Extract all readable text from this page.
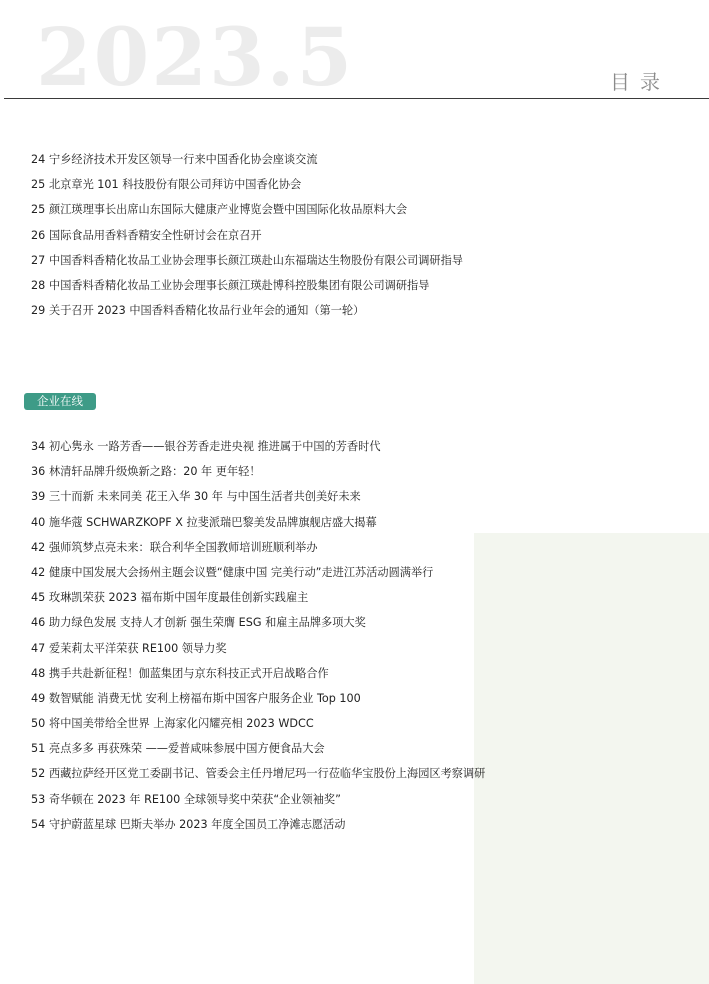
2023.5	目录
24 宁乡经济技术开发区领导一行来中国香化协会座谈交流
25 北京章光 101 科技股份有限公司拜访中国香化协会
25 颜江瑛理事长出席山东国际大健康产业博览会暨中国国际化妆品原料大会
26 国际食品用香料香精安全性研讨会在京召开
27 中国香料香精化妆品工业协会理事长颜江瑛赴山东福瑞达生物股份有限公司调研指导
28 中国香料香精化妆品工业协会理事长颜江瑛赴博科控股集团有限公司调研指导
29 关于召开 2023 中国香料香精化妆品行业年会的通知（第一轮）
企业在线
34 初心隽永 一路芳香——银谷芳香走进央视 推进属于中国的芳香时代
36 林清轩品牌升级焕新之路：20 年 更年轻！
39 三十而新 未来同美 花王入华 30 年 与中国生活者共创美好未来
40 施华蔻 SCHWARZKOPF X 拉斐派瑞巴黎美发品牌旗舰店盛大揭幕
42 强师筑梦点亮未来：联合利华全国教师培训班顺利举办
42 健康中国发展大会扬州主题会议暨“健康中国 完美行动”走进江苏活动圆满举行
45 玫琳凯荣获 2023 福布斯中国年度最佳创新实践雇主
46 助力绿色发展 支持人才创新 强生荣膺 ESG 和雇主品牌多项大奖
47 爱茉莉太平洋荣获 RE100 领导力奖
48 携手共赴新征程！伽蓝集团与京东科技正式开启战略合作
49 数智赋能 消费无忧 安利上榜福布斯中国客户服务企业 Top 100
50 将中国美带给全世界 上海家化闪耀亮相 2023 WDCC
51 亮点多多 再获殊荣 ——爱普咸味参展中国方便食品大会
52 西藏拉萨经开区党工委副书记、管委会主任丹增尼玛一行莅临华宝股份上海园区考察调研
53 奇华顿在 2023 年 RE100 全球领导奖中荣获“企业领袖奖”
54 守护蔚蓝星球 巴斯夫举办 2023 年度全国员工净滩志愿活动
